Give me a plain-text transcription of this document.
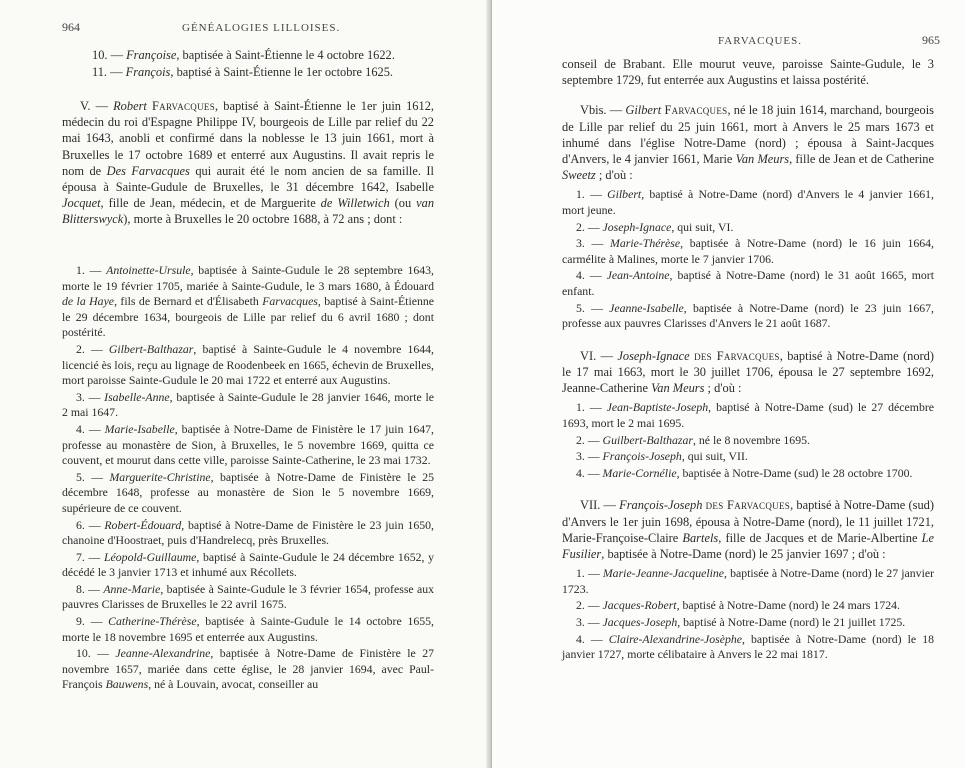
964	GÉNÉALOGIES LILLOISES.

10. — Françoise, baptisée à Saint-Étienne le 4 octobre 1622.

11. — François, baptisé à Saint-Étienne le 1er octobre 1625.

V. — Robert Farvacques, baptisé à Saint-Étienne le 1er juin 1612, médecin du roi d'Espagne Philippe IV, bourgeois de Lille par relief du 22 mai 1643, anobli et confirmé dans la noblesse le 13 juin 1661, mort à Bruxelles le 17 octobre 1689 et enterré aux Augustins. Il avait repris le nom de Des Farvacques qui aurait été le nom ancien de sa famille. Il épousa à Sainte-Gudule de Bruxelles, le 31 décembre 1642, Isabelle Jocquet, fille de Jean, médecin, et de Marguerite de Willetwich (ou van Blitterswyck), morte à Bruxelles le 20 octobre 1688, à 72 ans ; dont :

1. — Antoinette-Ursule, baptisée à Sainte-Gudule le 28 septembre 1643, morte le 19 février 1705, mariée à Sainte-Gudule, le 3 mars 1680, à Édouard de la Haye, fils de Bernard et d'Élisabeth Farvacques, baptisé à Saint-Étienne le 29 décembre 1634, bourgeois de Lille par relief du 6 avril 1680 ; dont postérité.

2. — Gilbert-Balthazar, baptisé à Sainte-Gudule le 4 novembre 1644, licencié ès lois, reçu au lignage de Roodenbeek en 1665, échevin de Bruxelles, mort paroisse Sainte-Gudule le 20 mai 1722 et enterré aux Augustins.

3. — Isabelle-Anne, baptisée à Sainte-Gudule le 28 janvier 1646, morte le 2 mai 1647.

4. — Marie-Isabelle, baptisée à Notre-Dame de Finistère le 17 juin 1647, professe au monastère de Sion, à Bruxelles, le 5 novembre 1669, quitta ce couvent, et mourut dans cette ville, paroisse Sainte-Catherine, le 23 mai 1732.

5. — Marguerite-Christine, baptisée à Notre-Dame de Finistère le 25 décembre 1648, professe au monastère de Sion le 5 novembre 1669, supérieure de ce couvent.

6. — Robert-Édouard, baptisé à Notre-Dame de Finistère le 23 juin 1650, chanoine d'Hoostraet, puis d'Handrelecq, près Bruxelles.

7. — Léopold-Guillaume, baptisé à Sainte-Gudule le 24 décembre 1652, y décédé le 3 janvier 1713 et inhumé aux Récollets.

8. — Anne-Marie, baptisée à Sainte-Gudule le 3 février 1654, professe aux pauvres Clarisses de Bruxelles le 22 avril 1675.

9. — Catherine-Thérèse, baptisée à Sainte-Gudule le 14 octobre 1655, morte le 18 novembre 1695 et enterrée aux Augustins.

10. — Jeanne-Alexandrine, baptisée à Notre-Dame de Finistère le 27 novembre 1657, mariée dans cette église, le 28 janvier 1694, avec Paul-François Bauwens, né à Louvain, avocat, conseiller au

FARVACQUES.	965

conseil de Brabant. Elle mourut veuve, paroisse Sainte-Gudule, le 3 septembre 1729, fut enterrée aux Augustins et laissa postérité.

Vbis. — Gilbert Farvacques, né le 18 juin 1614, marchand, bourgeois de Lille par relief du 25 juin 1661, mort à Anvers le 25 mars 1673 et inhumé dans l'église Notre-Dame (nord) ; épousa à Saint-Jacques d'Anvers, le 4 janvier 1661, Marie Van Meurs, fille de Jean et de Catherine Sweetz ; d'où :

1. — Gilbert, baptisé à Notre-Dame (nord) d'Anvers le 4 janvier 1661, mort jeune.

2. — Joseph-Ignace, qui suit, VI.

3. — Marie-Thérèse, baptisée à Notre-Dame (nord) le 16 juin 1664, carmélite à Malines, morte le 7 janvier 1706.

4. — Jean-Antoine, baptisé à Notre-Dame (nord) le 31 août 1665, mort enfant.

5. — Jeanne-Isabelle, baptisée à Notre-Dame (nord) le 23 juin 1667, professe aux pauvres Clarisses d'Anvers le 21 août 1687.

VI. — Joseph-Ignace des Farvacques, baptisé à Notre-Dame (nord) le 17 mai 1663, mort le 30 juillet 1706, épousa le 27 septembre 1692, Jeanne-Catherine Van Meurs ; d'où :

1. — Jean-Baptiste-Joseph, baptisé à Notre-Dame (sud) le 27 décembre 1693, mort le 2 mai 1695.

2. — Guilbert-Balthazar, né le 8 novembre 1695.

3. — François-Joseph, qui suit, VII.

4. — Marie-Cornélie, baptisée à Notre-Dame (sud) le 28 octobre 1700.

VII. — François-Joseph des Farvacques, baptisé à Notre-Dame (sud) d'Anvers le 1er juin 1698, épousa à Notre-Dame (nord), le 11 juillet 1721, Marie-Françoise-Claire Bartels, fille de Jacques et de Marie-Albertine Le Fusilier, baptisée à Notre-Dame (nord) le 25 janvier 1697 ; d'où :

1. — Marie-Jeanne-Jacqueline, baptisée à Notre-Dame (nord) le 27 janvier 1723.

2. — Jacques-Robert, baptisé à Notre-Dame (nord) le 24 mars 1724.

3. — Jacques-Joseph, baptisé à Notre-Dame (nord) le 21 juillet 1725.

4. — Claire-Alexandrine-Josèphe, baptisée à Notre-Dame (nord) le 18 janvier 1727, morte célibataire à Anvers le 22 mai 1817.
